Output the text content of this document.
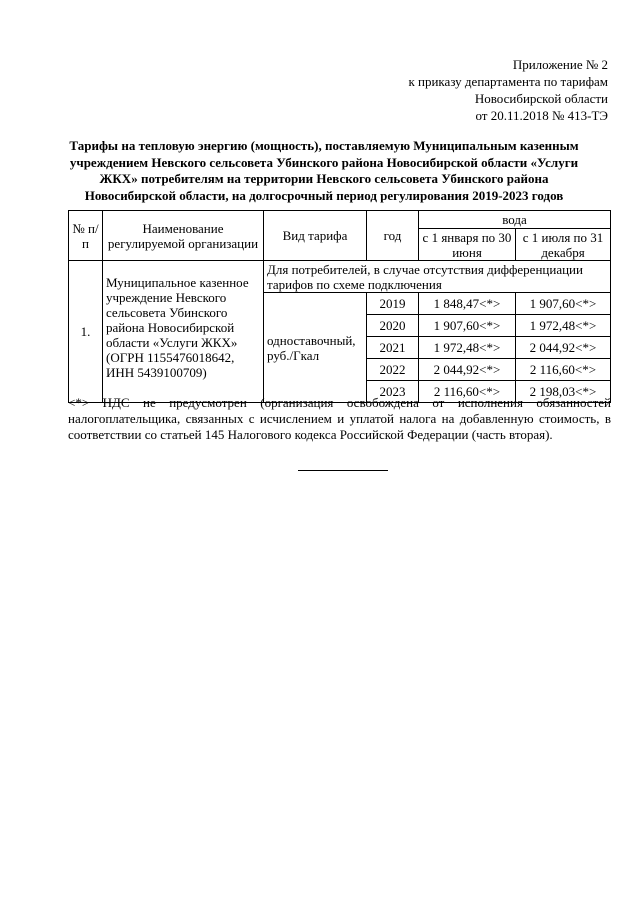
Приложение № 2
к приказу департамента по тарифам
Новосибирской области
от 20.11.2018 № 413-ТЭ
Тарифы на тепловую энергию (мощность), поставляемую Муниципальным казенным учреждением Невского сельсовета Убинского района Новосибирской области «Услуги ЖКХ» потребителям на территории Невского сельсовета Убинского района Новосибирской области, на долгосрочный период регулирования 2019-2023 годов
№ п/п	Наименование регулируемой организации	Вид тарифа	год	вода	
				с 1 января по 30 июня	с 1 июля по 31 декабря
1.	Муниципальное казенное учреждение Невского сельсовета Убинского района Новосибирской области «Услуги ЖКХ» (ОГРН 1155476018642, ИНН 5439100709)	Для потребителей, в случае отсутствия дифференциации тарифов по схеме подключения			
		одноставочный, руб./Гкал	2019	1 848,47<*>	1 907,60<*>
			2020	1 907,60<*>	1 972,48<*>
			2021	1 972,48<*>	2 044,92<*>
			2022	2 044,92<*>	2 116,60<*>
			2023	2 116,60<*>	2 198,03<*>
<*> НДС не предусмотрен (организация освобождена от исполнения обязанностей налогоплательщика, связанных с исчислением и уплатой налога на добавленную стоимость, в соответствии со статьей 145 Налогового кодекса Российской Федерации (часть вторая).
